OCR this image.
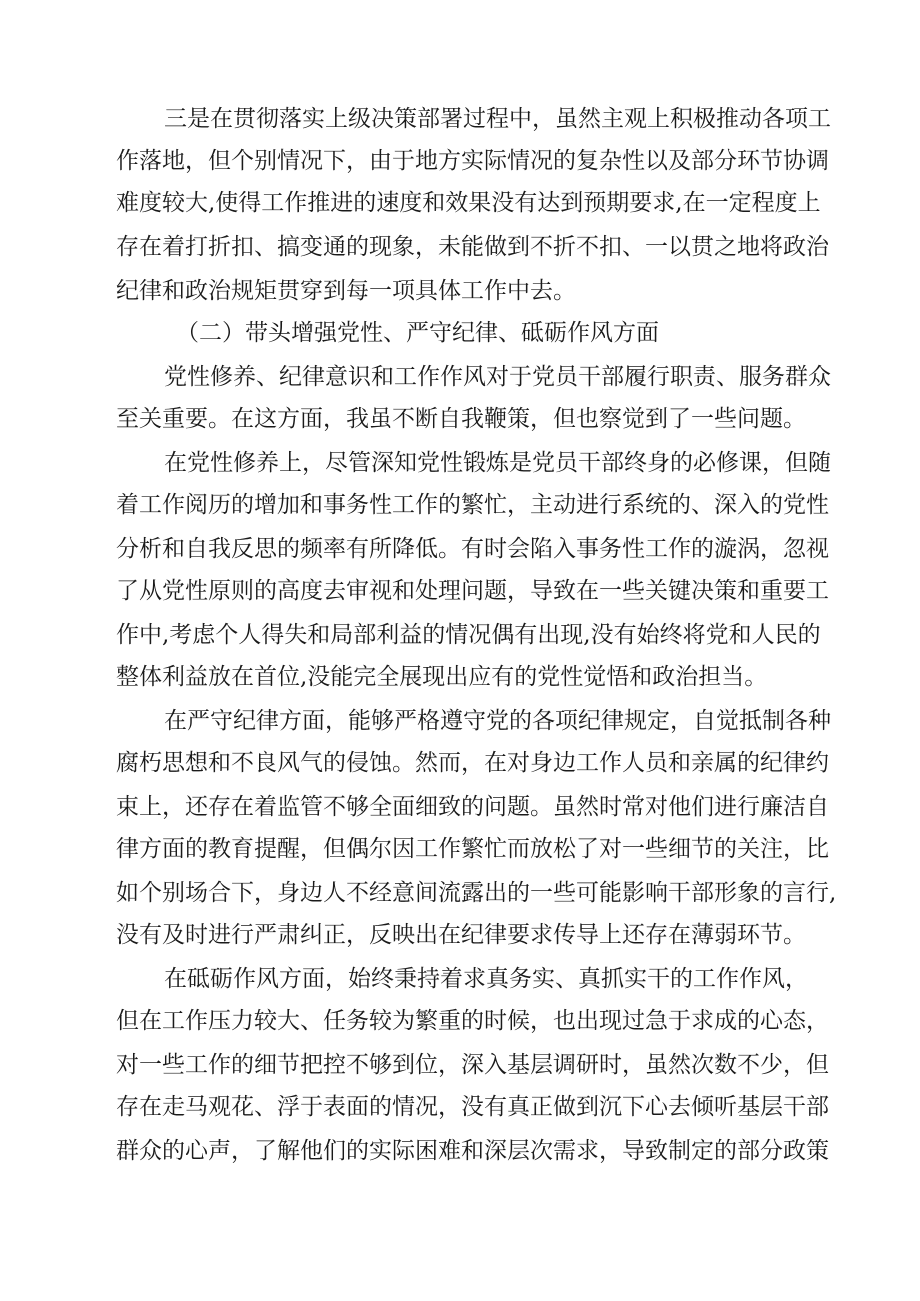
三是在贯彻落实上级决策部署过程中，虽然主观上积极推动各项工
作落地，但个别情况下，由于地方实际情况的复杂性以及部分环节协调
难度较大,使得工作推进的速度和效果没有达到预期要求,在一定程度上
存在着打折扣、搞变通的现象，未能做到不折不扣、一以贯之地将政治
纪律和政治规矩贯穿到每一项具体工作中去。
（二）带头增强党性、严守纪律、砥砺作风方面
党性修养、纪律意识和工作作风对于党员干部履行职责、服务群众
至关重要。在这方面，我虽不断自我鞭策，但也察觉到了一些问题。
在党性修养上，尽管深知党性锻炼是党员干部终身的必修课，但随
着工作阅历的增加和事务性工作的繁忙，主动进行系统的、深入的党性
分析和自我反思的频率有所降低。有时会陷入事务性工作的漩涡，忽视
了从党性原则的高度去审视和处理问题，导致在一些关键决策和重要工
作中,考虑个人得失和局部利益的情况偶有出现,没有始终将党和人民的
整体利益放在首位,没能完全展现出应有的党性觉悟和政治担当。
在严守纪律方面，能够严格遵守党的各项纪律规定，自觉抵制各种
腐朽思想和不良风气的侵蚀。然而，在对身边工作人员和亲属的纪律约
束上，还存在着监管不够全面细致的问题。虽然时常对他们进行廉洁自
律方面的教育提醒，但偶尔因工作繁忙而放松了对一些细节的关注，比
如个别场合下，身边人不经意间流露出的一些可能影响干部形象的言行,
没有及时进行严肃纠正，反映出在纪律要求传导上还存在薄弱环节。
在砥砺作风方面，始终秉持着求真务实、真抓实干的工作作风，
但在工作压力较大、任务较为繁重的时候，也出现过急于求成的心态，
对一些工作的细节把控不够到位，深入基层调研时，虽然次数不少，但
存在走马观花、浮于表面的情况，没有真正做到沉下心去倾听基层干部
群众的心声，了解他们的实际困难和深层次需求，导致制定的部分政策
